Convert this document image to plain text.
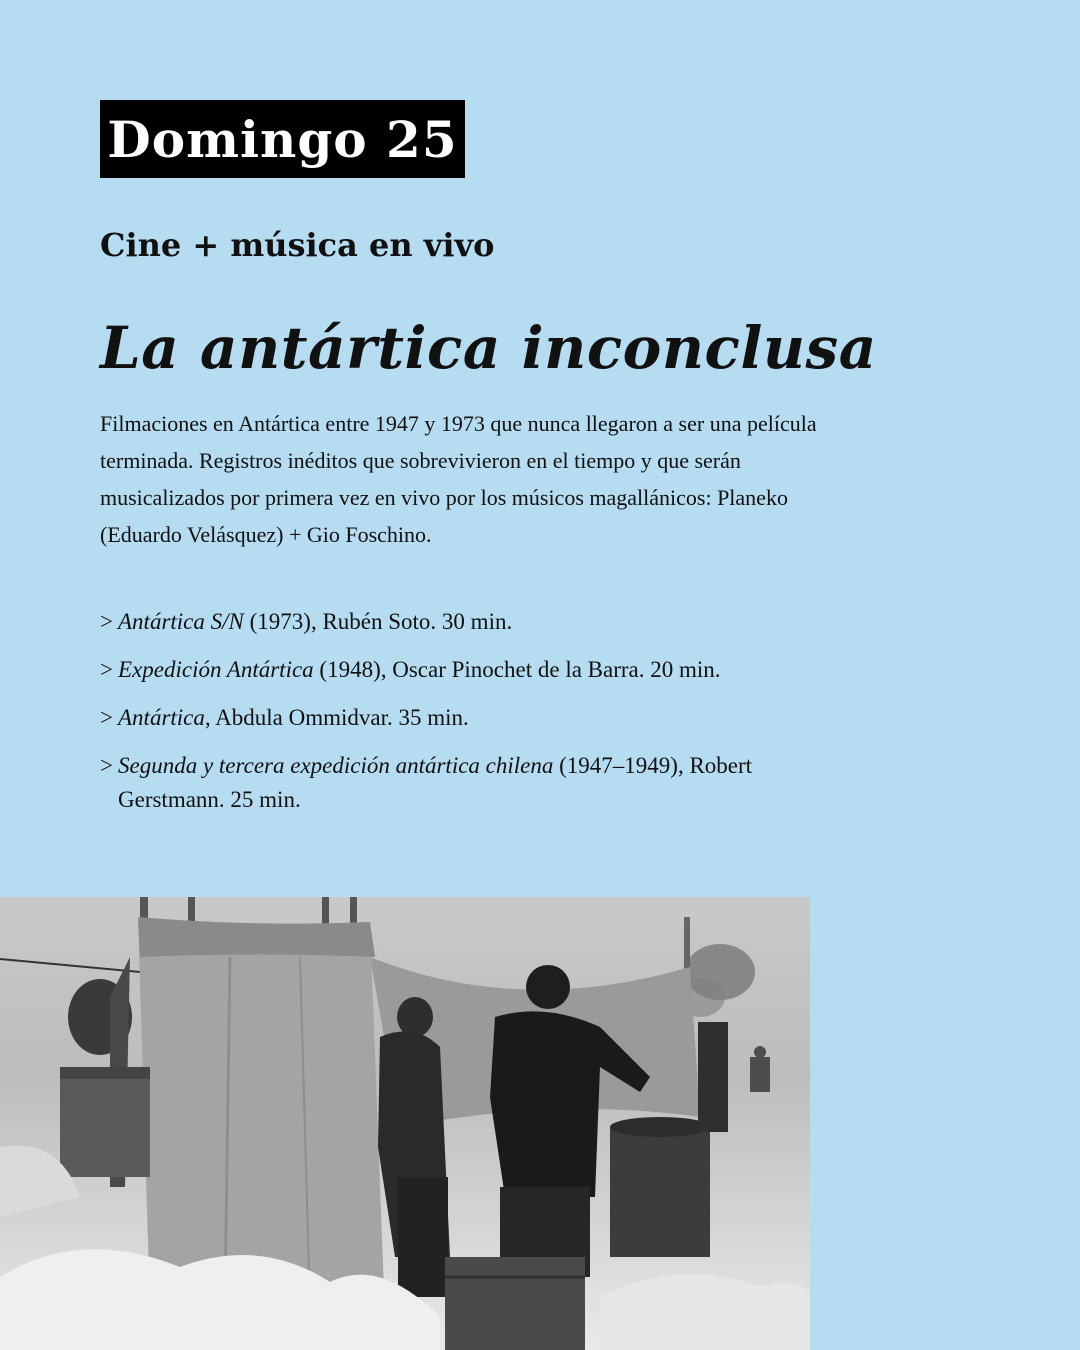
Domingo 25
Cine + música en vivo
La antártica inconclusa
Filmaciones en Antártica entre 1947 y 1973 que nunca llegaron a ser una película terminada. Registros inéditos que sobrevivieron en el tiempo y que serán musicalizados por primera vez en vivo por los músicos magallánicos: Planeko (Eduardo Velásquez) + Gio Foschino.
> Antártica S/N (1973), Rubén Soto. 30 min.
> Expedición Antártica (1948), Oscar Pinochet de la Barra. 20 min.
> Antártica, Abdula Ommidvar. 35 min.
> Segunda y tercera expedición antártica chilena (1947–1949), Robert Gerstmann. 25 min.
